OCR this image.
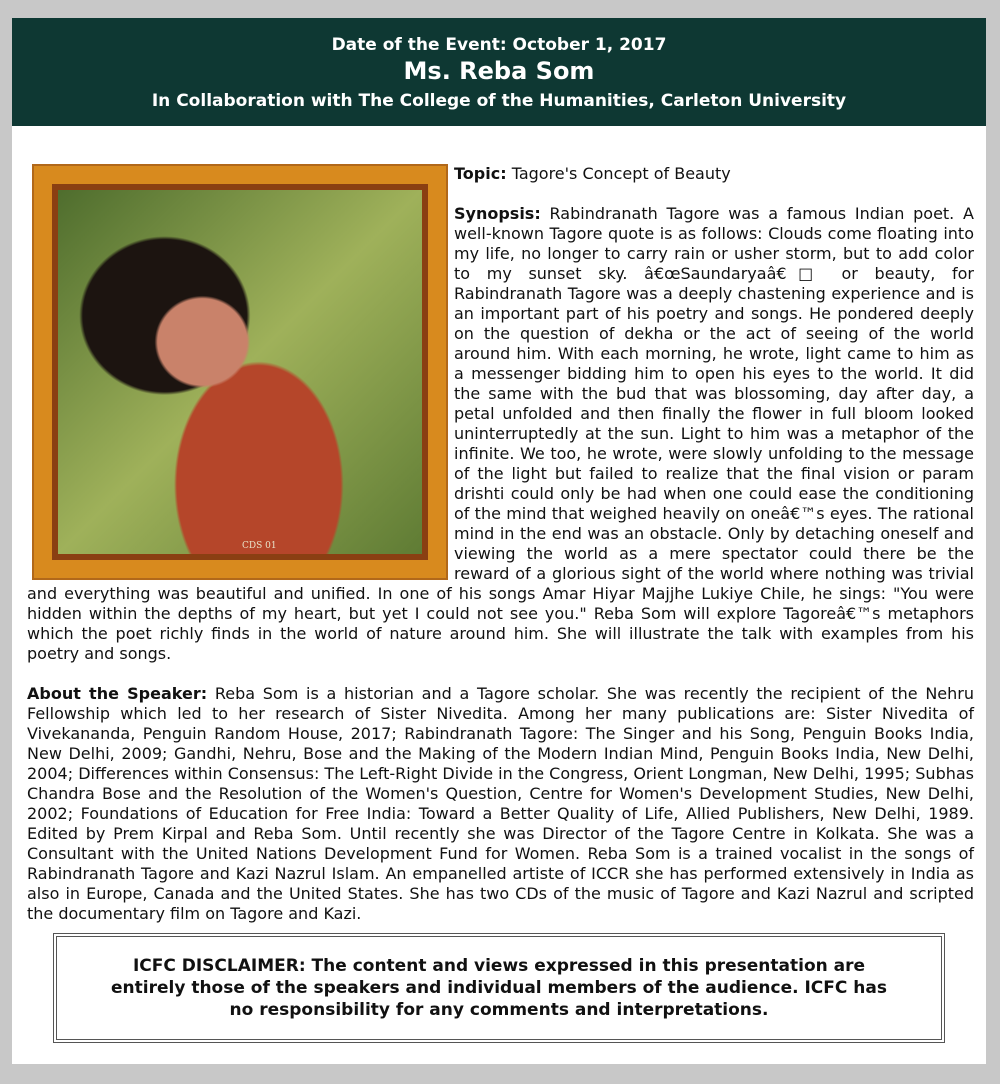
Date of the Event: October 1, 2017
Ms. Reba Som
In Collaboration with The College of the Humanities, Carleton University
CDS 01

Topic: Tagore's Concept of Beauty

Synopsis: Rabindranath Tagore was a famous Indian poet. A well-known Tagore quote is as follows: Clouds come floating into my life, no longer to carry rain or usher storm, but to add color to my sunset sky. â€œSaundaryaâ€□ or beauty, for Rabindranath Tagore was a deeply chastening experience and is an important part of his poetry and songs. He pondered deeply on the question of dekha or the act of seeing of the world around him. With each morning, he wrote, light came to him as a messenger bidding him to open his eyes to the world. It did the same with the bud that was blossoming, day after day, a petal unfolded and then finally the flower in full bloom looked uninterruptedly at the sun. Light to him was a metaphor of the infinite. We too, he wrote, were slowly unfolding to the message of the light but failed to realize that the final vision or param drishti could only be had when one could ease the conditioning of the mind that weighed heavily on oneâ€™s eyes. The rational mind in the end was an obstacle. Only by detaching oneself and viewing the world as a mere spectator could there be the reward of a glorious sight of the world where nothing was trivial and everything was beautiful and unified. In one of his songs Amar Hiyar Majjhe Lukiye Chile, he sings: "You were hidden within the depths of my heart, but yet I could not see you." Reba Som will explore Tagoreâ€™s metaphors which the poet richly finds in the world of nature around him. She will illustrate the talk with examples from his poetry and songs.

About the Speaker: Reba Som is a historian and a Tagore scholar. She was recently the recipient of the Nehru Fellowship which led to her research of Sister Nivedita. Among her many publications are: Sister Nivedita of Vivekananda, Penguin Random House, 2017; Rabindranath Tagore: The Singer and his Song, Penguin Books India, New Delhi, 2009; Gandhi, Nehru, Bose and the Making of the Modern Indian Mind, Penguin Books India, New Delhi, 2004; Differences within Consensus: The Left-Right Divide in the Congress, Orient Longman, New Delhi, 1995; Subhas Chandra Bose and the Resolution of the Women's Question, Centre for Women's Development Studies, New Delhi, 2002; Foundations of Education for Free India: Toward a Better Quality of Life, Allied Publishers, New Delhi, 1989. Edited by Prem Kirpal and Reba Som. Until recently she was Director of the Tagore Centre in Kolkata. She was a Consultant with the United Nations Development Fund for Women. Reba Som is a trained vocalist in the songs of Rabindranath Tagore and Kazi Nazrul Islam. An empanelled artiste of ICCR she has performed extensively in India as also in Europe, Canada and the United States. She has two CDs of the music of Tagore and Kazi Nazrul and scripted the documentary film on Tagore and Kazi.

ICFC DISCLAIMER: The content and views expressed in this presentation are entirely those of the speakers and individual members of the audience. ICFC has no responsibility for any comments and interpretations.
